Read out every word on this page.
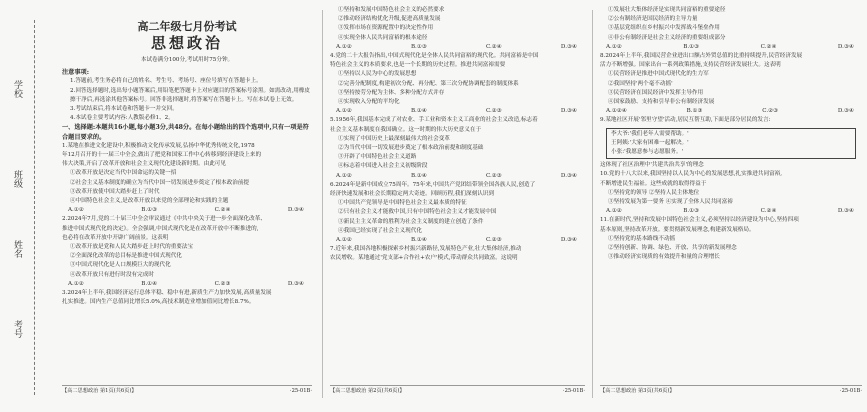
学校
班级
姓名
考号
高二年级七月份考试
思想政治
本试卷满分100分,考试用时75分钟。
注意事项:

1.答题前,考生务必将自己的姓名、考生号、考场号、座位号填写在答题卡上。

2.回答选择题时,选出每小题答案后,用铅笔把答题卡上对应题目的答案标号涂黑。如需改动,用橡皮擦干净后,再选涂其他答案标号。回答非选择题时,将答案写在答题卡上。写在本试卷上无效。

3.考试结束后,将本试卷和答题卡一并交回。

4.本试卷主要考试内容:人教版必修1、2。

一、选择题:本题共16小题,每小题3分,共48分。在每小题给出的四个选项中,只有一项是符合题目要求的。

1.某地在推进文化建设中,积极推动文化传承发展,弘扬中华优秀传统文化,1978

年12月召开的十一届三中全会,做出了把党和国家工作中心转移到经济建设上来的

伟大决策,开启了改革开放和社会主义现代化建设新时期。由此可见

①改革开放是决定当代中国命运的关键一招

②社会主义基本制度的确立为当代中国一切发展进步奠定了根本政治前提

③改革开放使中国大踏步赶上了时代

④中国特色社会主义,是改革开放以来党的全部理论和实践的主题

A.①②	B.①③	C.②④	D.③④

2.2024年7月,党的二十届三中全会审议通过《中共中央关于进一步全面深化改革、

推进中国式现代化的决定》。全会强调,中国式现代化是在改革开放中不断推进的,

也必将在改革开放中开辟广阔前景。这表明

①改革开放是党和人民大踏步赶上时代的重要法宝

②全面深化改革的总目标是推进中国式现代化

③中国式现代化是人口规模巨大的现代化

④改革开放只有进行时没有完成时

A.①②	B.①④	C.②③	D.③④

3.2024年上半年,我国经济运行总体平稳、稳中有进,新质生产力加快发展,高质量发展

扎实推进。国内生产总值同比增长5.0%,高技术制造业增加值同比增长8.7%。

【高二思想政治 第1页(共6页)】	·25-01B·

①坚持和发展中国特色社会主义的必然要求

②推动经济结构优化升级,促进高质量发展

③发挥市场在资源配置中的决定性作用

④实现全体人民共同富裕的根本途径

A.①②	B.①③	C.②④	D.③④

4.党的二十大报告指出,中国式现代化是全体人民共同富裕的现代化。共同富裕是中国

特色社会主义的本质要求,也是一个长期的历史过程。推进共同富裕需要

①坚持以人民为中心的发展思想

②完善分配制度,构建初次分配、再分配、第三次分配协调配套的制度体系

③坚持按劳分配为主体、多种分配方式并存

④实现收入分配的平均化

A.①②	B.①④	C.②③	D.③④

5.1956年,我国基本完成了对农业、手工业和资本主义工商业的社会主义改造,标志着

社会主义基本制度在我国确立。这一时期的伟大历史意义在于

①实现了中国历史上最深刻最伟大的社会变革

②为当代中国一切发展进步奠定了根本政治前提和制度基础

③开辟了中国特色社会主义道路

④标志着中国进入社会主义初级阶段

A.①②	B.①④	C.②③	D.③④

6.2024年是新中国成立75周年。75年来,中国共产党团结带领全国各族人民,创造了

经济快速发展和社会长期稳定两大奇迹。回顾历程,我们深刻认识到

①中国共产党领导是中国特色社会主义最本质的特征

②只有社会主义才能救中国,只有中国特色社会主义才能发展中国

③新民主主义革命的胜利为社会主义制度的建立创造了条件

④我国已经实现了社会主义现代化

A.①②	B.①④	C.②③	D.③④

7.近年来,我国各地积极探索乡村振兴新路径,发展特色产业,壮大集体经济,推动

农民增收。某地通过'党支部+合作社+农户'模式,带动群众共同致富。这说明

【高二思想政治 第2页(共6页)】	·25-01B·

①发展壮大集体经济是实现共同富裕的重要途径

②公有制经济是国民经济的主导力量

③基层党组织在乡村振兴中发挥战斗堡垒作用

④非公有制经济是社会主义经济的重要组成部分

A.①②	B.①③	C.②④	D.③④

8.2024年上半年,我国民营企业进出口额占外贸总值的比重持续提升,民营经济发展

活力不断增强。国家出台一系列政策措施,支持民营经济发展壮大。这表明

①民营经济是推进中国式现代化的生力军

②我国坚持'两个毫不动摇'

③民营经济在国民经济中发挥主导作用

④国家鼓励、支持和引导非公有制经济发展

A.①②④	B.①③	C.②③	D.③④

9.某地社区开展'邻里守望'活动,居民互帮互助,下面是部分居民的发言:

李大爷:'我们老年人需要帮助。'

王阿姨:'大家有困难一起解决。'

小张:'我愿意参与志愿服务。'

这体现了社区治理中'共建共治共享'的理念

10.党的十八大以来,我国坚持以人民为中心的发展思想,扎实推进共同富裕,

不断增进民生福祉。这些成就的取得得益于

①坚持党的领导 ②坚持人民主体地位

③坚持发展为第一要务 ④实现了全体人民共同富裕

A.①②	B.①③	C.②④	D.③④

11.在新时代,坚持和发展中国特色社会主义,必须坚持以经济建设为中心,坚持四项

基本原则,坚持改革开放。要贯彻新发展理念,构建新发展格局。

①坚持党的基本路线不动摇

②坚持创新、协调、绿色、开放、共享的新发展理念

③推动经济实现质的有效提升和量的合理增长

【高二思想政治 第3页(共6页)】	·25-01B·
